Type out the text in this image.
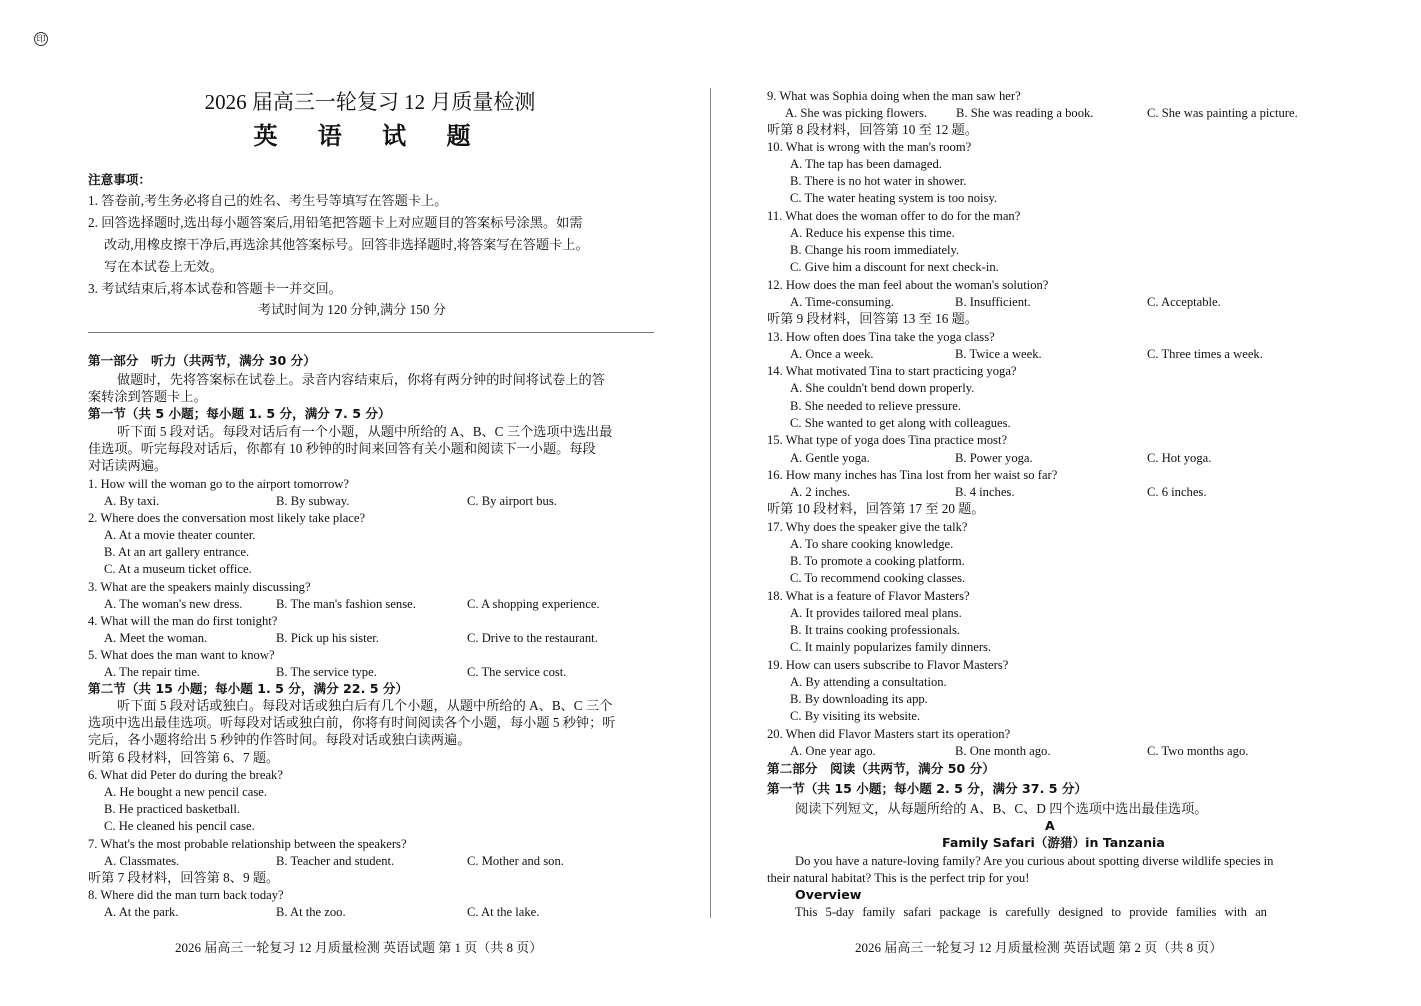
印
2026 届高三一轮复习 12 月质量检测
英 语 试 题
注意事项：
1. 答卷前,考生务必将自己的姓名、考生号等填写在答题卡上。
2. 回答选择题时,选出每小题答案后,用铅笔把答题卡上对应题目的答案标号涂黑。如需
改动,用橡皮擦干净后,再选涂其他答案标号。回答非选择题时,将答案写在答题卡上。
写在本试卷上无效。
3. 考试结束后,将本试卷和答题卡一并交回。
考试时间为 120 分钟,满分 150 分
第一部分　听力（共两节，满分 30 分）
做题时，先将答案标在试卷上。录音内容结束后，你将有两分钟的时间将试卷上的答
案转涂到答题卡上。
第一节（共 5 小题；每小题 1. 5 分，满分 7. 5 分）
听下面 5 段对话。每段对话后有一个小题，从题中所给的 A、B、C 三个选项中选出最
佳选项。听完每段对话后，你都有 10 秒钟的时间来回答有关小题和阅读下一小题。每段
对话读两遍。
1. How will the woman go to the airport tomorrow?
A. By taxi.	B. By subway.	C. By airport bus.
2. Where does the conversation most likely take place?
A. At a movie theater counter.
B. At an art gallery entrance.
C. At a museum ticket office.
3. What are the speakers mainly discussing?
A. The woman's new dress.	B. The man's fashion sense.	C. A shopping experience.
4. What will the man do first tonight?
A. Meet the woman.	B. Pick up his sister.	C. Drive to the restaurant.
5. What does the man want to know?
A. The repair time.	B. The service type.	C. The service cost.
第二节（共 15 小题；每小题 1. 5 分，满分 22. 5 分）
听下面 5 段对话或独白。每段对话或独白后有几个小题，从题中所给的 A、B、C 三个
选项中选出最佳选项。听每段对话或独白前，你将有时间阅读各个小题，每小题 5 秒钟；听
完后，各小题将给出 5 秒钟的作答时间。每段对话或独白读两遍。
听第 6 段材料，回答第 6、7 题。
6. What did Peter do during the break?
A. He bought a new pencil case.
B. He practiced basketball.
C. He cleaned his pencil case.
7. What's the most probable relationship between the speakers?
A. Classmates.	B. Teacher and student.	C. Mother and son.
听第 7 段材料，回答第 8、9 题。
8. Where did the man turn back today?
A. At the park.	B. At the zoo.	C. At the lake.
2026 届高三一轮复习 12 月质量检测 英语试题 第 1 页（共 8 页）
9. What was Sophia doing when the man saw her?
A. She was picking flowers. B. She was reading a book.	C. She was painting a picture.
听第 8 段材料，回答第 10 至 12 题。
10. What is wrong with the man's room?
A. The tap has been damaged.
B. There is no hot water in shower.
C. The water heating system is too noisy.
11. What does the woman offer to do for the man?
A. Reduce his expense this time.
B. Change his room immediately.
C. Give him a discount for next check-in.
12. How does the man feel about the woman's solution?
A. Time-consuming.	B. Insufficient.	C. Acceptable.
听第 9 段材料，回答第 13 至 16 题。
13. How often does Tina take the yoga class?
A. Once a week.	B. Twice a week.	C. Three times a week.
14. What motivated Tina to start practicing yoga?
A. She couldn't bend down properly.
B. She needed to relieve pressure.
C. She wanted to get along with colleagues.
15. What type of yoga does Tina practice most?
A. Gentle yoga.	B. Power yoga.	C. Hot yoga.
16. How many inches has Tina lost from her waist so far?
A. 2 inches.	B. 4 inches.	C. 6 inches.
听第 10 段材料，回答第 17 至 20 题。
17. Why does the speaker give the talk?
A. To share cooking knowledge.
B. To promote a cooking platform.
C. To recommend cooking classes.
18. What is a feature of Flavor Masters?
A. It provides tailored meal plans.
B. It trains cooking professionals.
C. It mainly popularizes family dinners.
19. How can users subscribe to Flavor Masters?
A. By attending a consultation.
B. By downloading its app.
C. By visiting its website.
20. When did Flavor Masters start its operation?
A. One year ago.	B. One month ago.	C. Two months ago.
第二部分　阅读（共两节，满分 50 分）
第一节（共 15 小题；每小题 2. 5 分，满分 37. 5 分）
阅读下列短文，从每题所给的 A、B、C、D 四个选项中选出最佳选项。
A
Family Safari（游猎）in Tanzania
Do you have a nature-loving family? Are you curious about spotting diverse wildlife species in
their natural habitat? This is the perfect trip for you!
Overview
This 5-day family safari package is carefully designed to provide families with an
2026 届高三一轮复习 12 月质量检测 英语试题 第 2 页（共 8 页）
